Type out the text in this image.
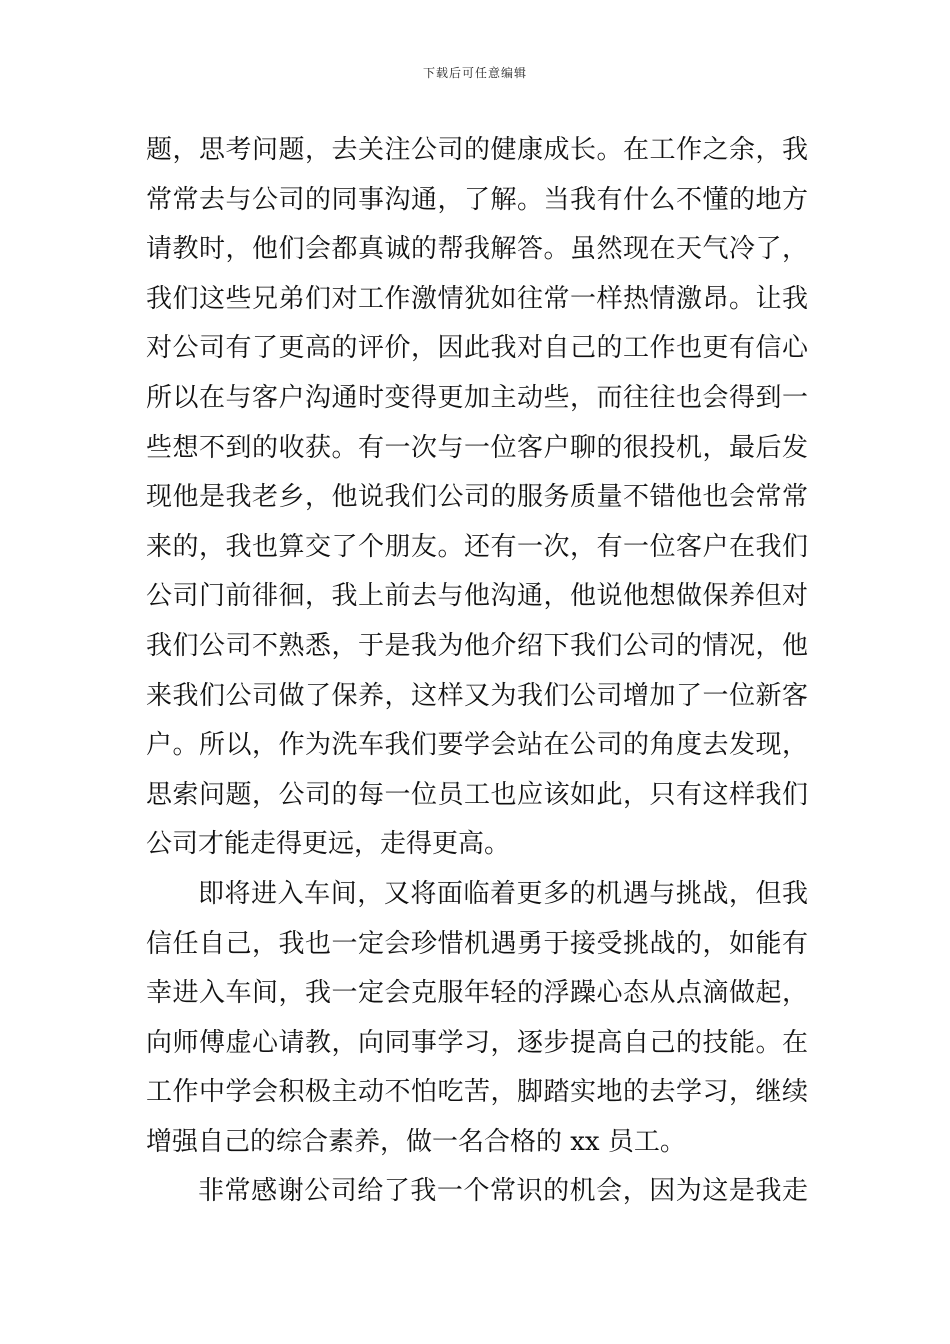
下载后可任意编辑
题，思考问题，去关注公司的健康成长。在工作之余，我
常常去与公司的同事沟通，了解。当我有什么不懂的地方
请教时，他们会都真诚的帮我解答。虽然现在天气冷了，
我们这些兄弟们对工作激情犹如往常一样热情激昂。让我
对公司有了更高的评价，因此我对自己的工作也更有信心
所以在与客户沟通时变得更加主动些，而往往也会得到一
些想不到的收获。有一次与一位客户聊的很投机，最后发
现他是我老乡，他说我们公司的服务质量不错他也会常常
来的，我也算交了个朋友。还有一次，有一位客户在我们
公司门前徘徊，我上前去与他沟通，他说他想做保养但对
我们公司不熟悉，于是我为他介绍下我们公司的情况，他
来我们公司做了保养，这样又为我们公司增加了一位新客
户。所以，作为洗车我们要学会站在公司的角度去发现，
思索问题，公司的每一位员工也应该如此，只有这样我们
公司才能走得更远，走得更高。
即将进入车间，又将面临着更多的机遇与挑战，但我
信任自己，我也一定会珍惜机遇勇于接受挑战的，如能有
幸进入车间，我一定会克服年轻的浮躁心态从点滴做起，
向师傅虚心请教，向同事学习，逐步提高自己的技能。在
工作中学会积极主动不怕吃苦，脚踏实地的去学习，继续
增强自己的综合素养，做一名合格的 xx 员工。
非常感谢公司给了我一个常识的机会，因为这是我走
